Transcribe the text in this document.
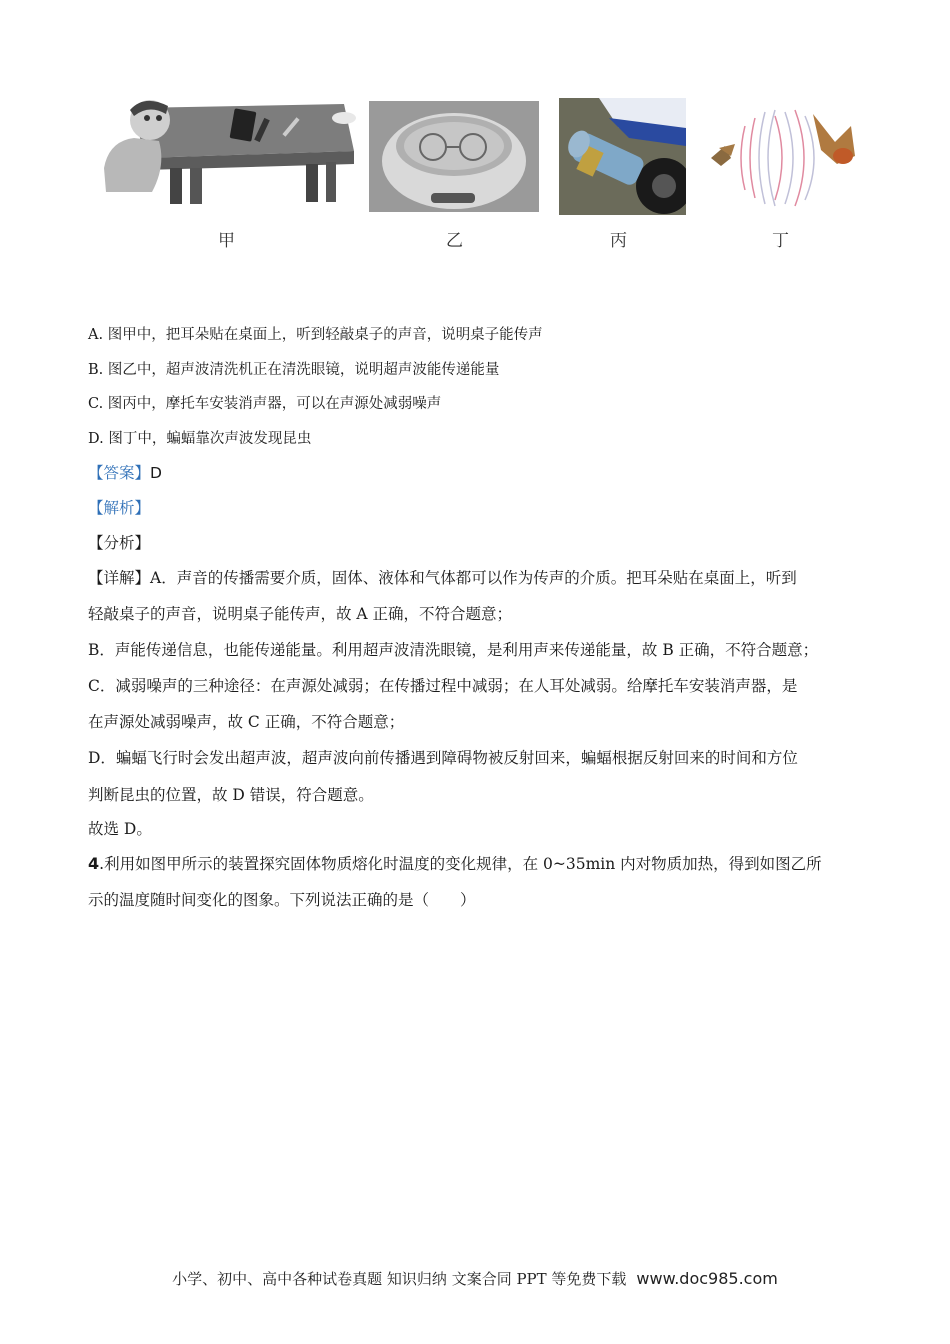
甲	乙	丙	丁
A. 图甲中，把耳朵贴在桌面上，听到轻敲桌子的声音，说明桌子能传声
B. 图乙中，超声波清洗机正在清洗眼镜，说明超声波能传递能量
C. 图丙中，摩托车安装消声器，可以在声源处减弱噪声
D. 图丁中，蝙蝠靠次声波发现昆虫
【答案】D
【解析】
【分析】
【详解】A．声音的传播需要介质，固体、液体和气体都可以作为传声的介质。把耳朵贴在桌面上，听到
轻敲桌子的声音，说明桌子能传声，故 A 正确，不符合题意；
B．声能传递信息，也能传递能量。利用超声波清洗眼镜，是利用声来传递能量，故 B 正确，不符合题意；
C．减弱噪声的三种途径：在声源处减弱；在传播过程中减弱；在人耳处减弱。给摩托车安装消声器，是
在声源处减弱噪声，故 C 正确，不符合题意；
D．蝙蝠飞行时会发出超声波，超声波向前传播遇到障碍物被反射回来，蝙蝠根据反射回来的时间和方位
判断昆虫的位置，故 D 错误，符合题意。
故选 D。
4.利用如图甲所示的装置探究固体物质熔化时温度的变化规律，在 0~35min 内对物质加热，得到如图乙所
示的温度随时间变化的图象。下列说法正确的是（　　）
小学、初中、高中各种试卷真题 知识归纳 文案合同 PPT 等免费下载 www.doc985.com
